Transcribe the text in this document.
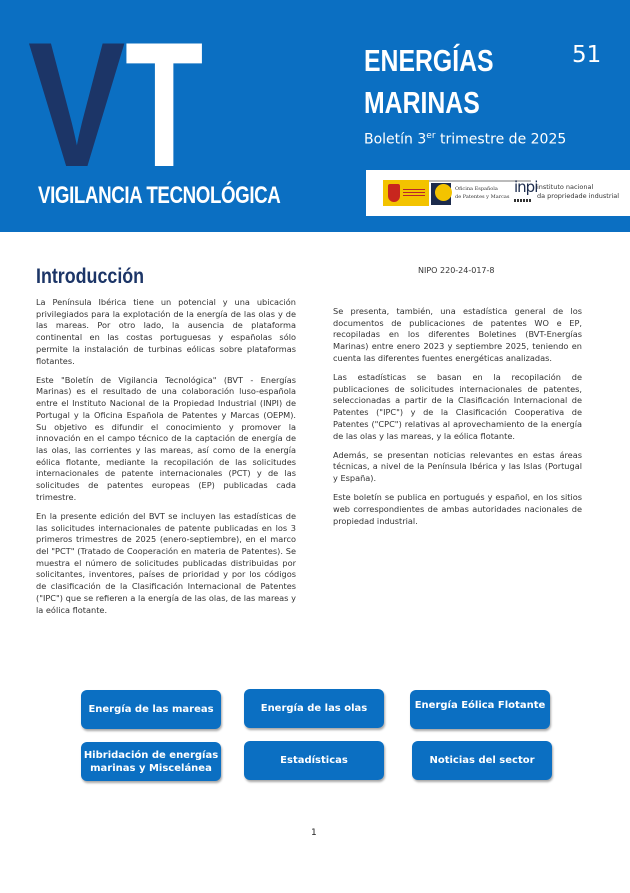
V T
VIGILANCIA TECNOLÓGICA
ENERGÍAS
MARINAS
51
Boletín 3er trimestre de 2025
Oficina Española
de Patentes y Marcas
inpi instituto nacional
da propriedade industrial
Introducción	NIPO 220-24-017-8

La Península Ibérica tiene un potencial y una ubicación privilegiados para la explotación de la energía de las olas y de las mareas. Por otro lado, la ausencia de plataforma continental en las costas portuguesas y españolas sólo permite la instalación de turbinas eólicas sobre plataformas flotantes.

Este "Boletín de Vigilancia Tecnológica" (BVT - Energías Marinas) es el resultado de una colaboración luso-española entre el Instituto Nacional de la Propiedad Industrial (INPI) de Portugal y la Oficina Española de Patentes y Marcas (OEPM). Su objetivo es difundir el conocimiento y promover la innovación en el campo técnico de la captación de energía de las olas, las corrientes y las mareas, así como de la energía eólica flotante, mediante la recopilación de las solicitudes internacionales de patente internacionales (PCT) y de las solicitudes de patentes europeas (EP) publicadas cada trimestre.

En la presente edición del BVT se incluyen las estadísticas de las solicitudes internacionales de patente publicadas en los 3 primeros trimestres de 2025 (enero-septiembre), en el marco del "PCT" (Tratado de Cooperación en materia de Patentes). Se muestra el número de solicitudes publicadas distribuidas por solicitantes, inventores, países de prioridad y por los códigos de clasificación de la Clasificación Internacional de Patentes ("IPC") que se refieren a la energía de las olas, de las mareas y la eólica flotante.

Se presenta, también, una estadística general de los documentos de publicaciones de patentes WO e EP, recopiladas en los diferentes Boletines (BVT-Energías Marinas) entre enero 2023 y septiembre 2025, teniendo en cuenta las diferentes fuentes energéticas analizadas.

Las estadísticas se basan en la recopilación de publicaciones de solicitudes internacionales de patentes, seleccionadas a partir de la Clasificación Internacional de Patentes ("IPC") y de la Clasificación Cooperativa de Patentes ("CPC") relativas al aprovechamiento de la energía de las olas y las mareas, y la eólica flotante.

Además, se presentan noticias relevantes en estas áreas técnicas, a nivel de la Península Ibérica y las Islas (Portugal y España).

Este boletín se publica en portugués y español, en los sitios web correspondientes de ambas autoridades nacionales de propiedad industrial.

Energía de las mareas	Energía de las olas	Energía Eólica Flotante
Hibridación de energías marinas y Miscelánea
Estadísticas	Noticias del sector
1
